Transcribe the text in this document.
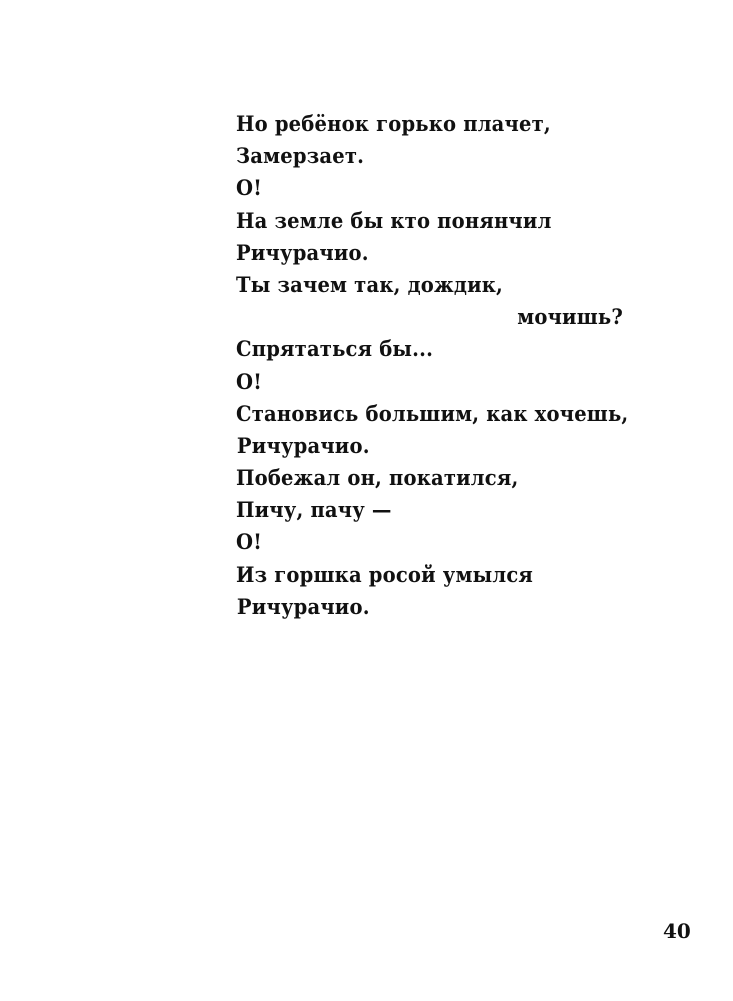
Но ребёнок горько плачет,
Замерзает.
О!
На земле бы кто понянчил
Ричурачио.
Ты зачем так, дождик,
мочишь?
Спрятаться бы...
О!
Становись большим, как хочешь,
Ричурачио.
Побежал он, покатился,
Пичу, пачу —
О!
Из горшка росой умылся
Ричурачио.
40
